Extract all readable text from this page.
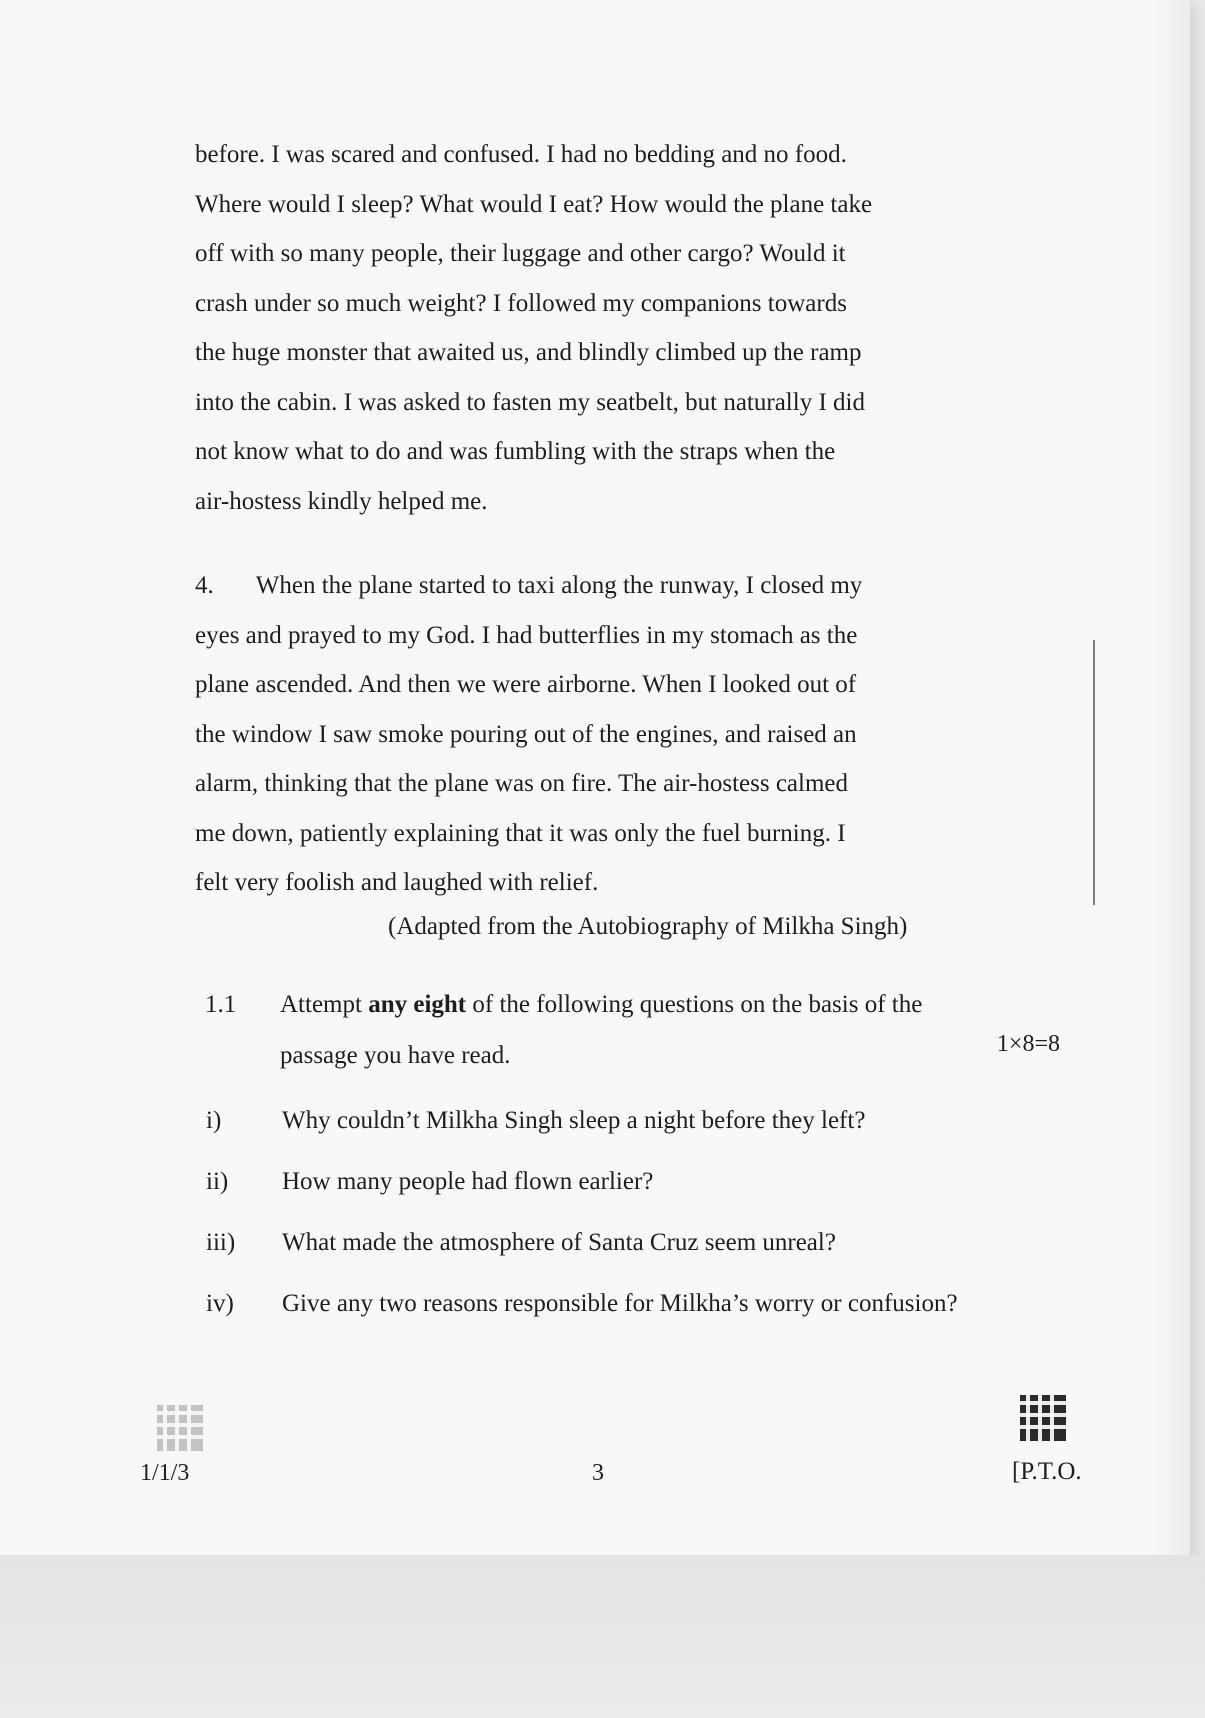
before. I was scared and confused. I had no bedding and no food.
Where would I sleep? What would I eat? How would the plane take
off with so many people, their luggage and other cargo? Would it
crash under so much weight? I followed my companions towards
the huge monster that awaited us, and blindly climbed up the ramp
into the cabin. I was asked to fasten my seatbelt, but naturally I did
not know what to do and was fumbling with the straps when the
air-hostess kindly helped me.

4. When the plane started to taxi along the runway, I closed my
eyes and prayed to my God. I had butterflies in my stomach as the
plane ascended. And then we were airborne. When I looked out of
the window I saw smoke pouring out of the engines, and raised an
alarm, thinking that the plane was on fire. The air-hostess calmed
me down, patiently explaining that it was only the fuel burning. I
felt very foolish and laughed with relief.

(Adapted from the Autobiography of Milkha Singh)

1.1 Attempt any eight of the following questions on the basis of the passage you have read.	1×8=8
i) Why couldn’t Milkha Singh sleep a night before they left?
ii) How many people had flown earlier?
iii) What made the atmosphere of Santa Cruz seem unreal?
iv) Give any two reasons responsible for Milkha’s worry or confusion?
1/1/3	3	[P.T.O.
